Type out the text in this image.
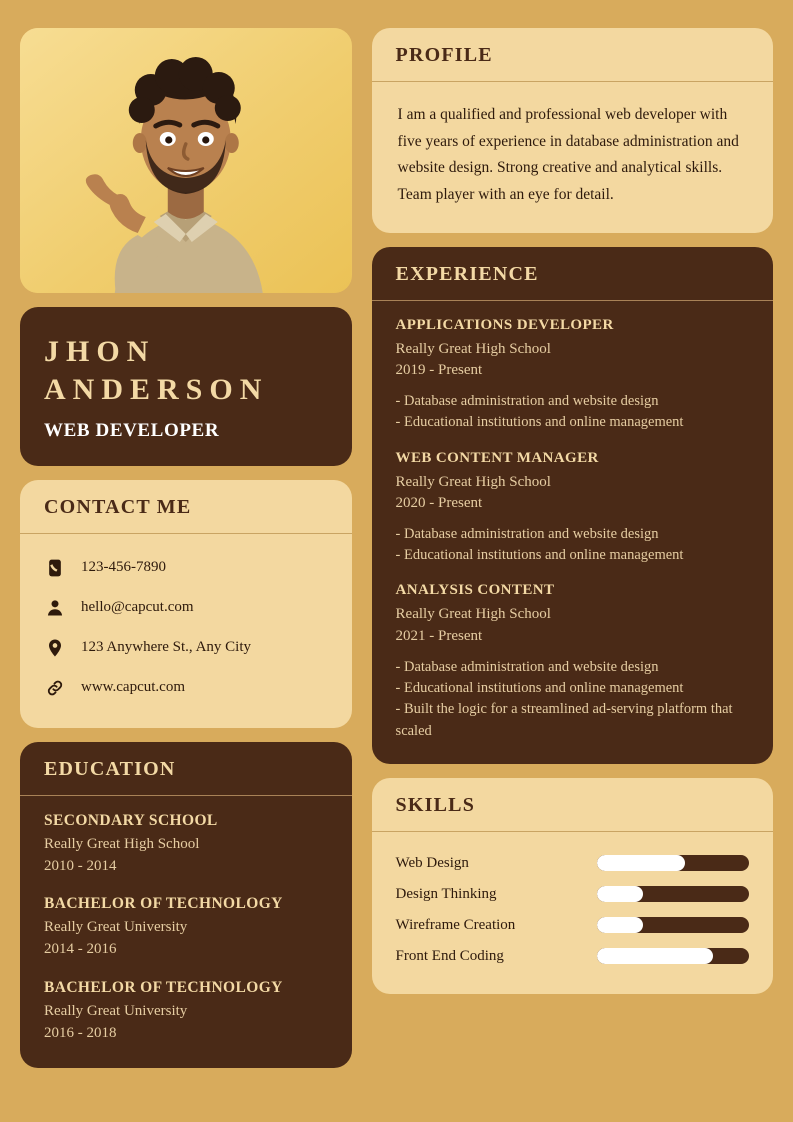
JHON
ANDERSON
WEB DEVELOPER
CONTACT ME
123-456-7890
hello@capcut.com
123 Anywhere St., Any City
www.capcut.com
EDUCATION
SECONDARY SCHOOL
Really Great High School
2010 - 2014
BACHELOR OF TECHNOLOGY
Really Great University
2014 - 2016
BACHELOR OF TECHNOLOGY
Really Great University
2016 - 2018
PROFILE
I am a qualified and professional web developer with five years of experience in database administration and website design. Strong creative and analytical skills. Team player with an eye for detail.
EXPERIENCE
APPLICATIONS DEVELOPER
Really Great High School
2019 - Present
- Database administration and website design
- Educational institutions and online management
WEB CONTENT MANAGER
Really Great High School
2020 - Present
- Database administration and website design
- Educational institutions and online management
ANALYSIS CONTENT
Really Great High School
2021 - Present
- Database administration and website design
- Educational institutions and online management
- Built the logic for a streamlined ad-serving platform that scaled
SKILLS
Web Design
Design Thinking
Wireframe Creation
Front End Coding
